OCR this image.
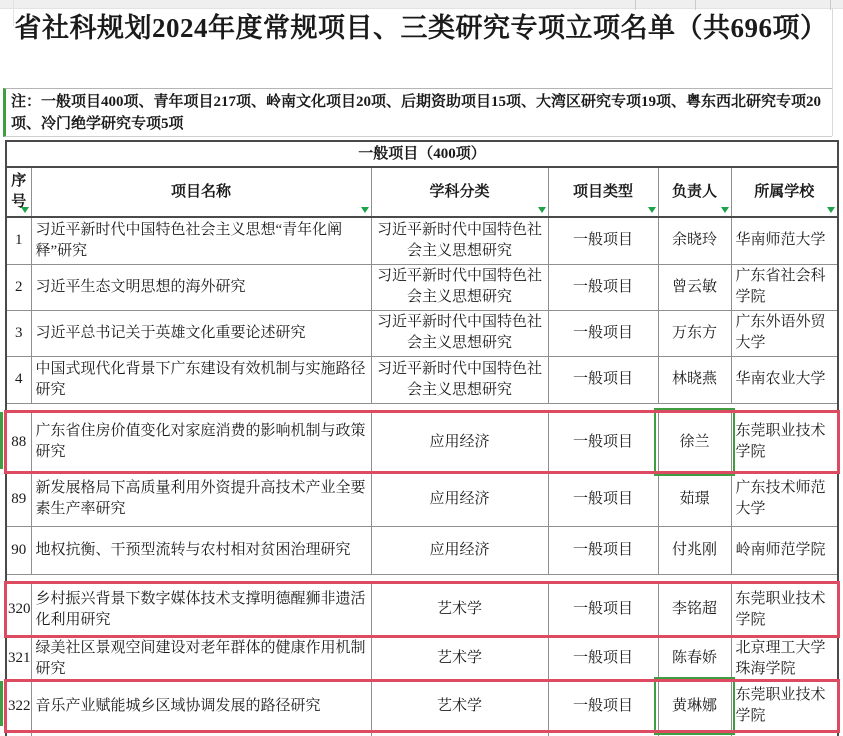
省社科规划2024年度常规项目、三类研究专项立项名单（共696项）
注：一般项目400项、青年项目217项、岭南文化项目20项、后期资助项目15项、大湾区研究专项19项、粤东西北研究专项20项、冷门绝学研究专项5项
一般项目（400项）					
序号	项目名称	学科分类	项目类型	负责人	所属学校

1	习近平新时代中国特色社会主义思想“青年化阐释”研究	习近平新时代中国特色社会主义思想研究	一般项目	余晓玲	华南师范大学
2	习近平生态文明思想的海外研究	习近平新时代中国特色社会主义思想研究	一般项目	曾云敏	广东省社会科学院
3	习近平总书记关于英雄文化重要论述研究	习近平新时代中国特色社会主义思想研究	一般项目	万东方	广东外语外贸大学
4	中国式现代化背景下广东建设有效机制与实施路径研究	习近平新时代中国特色社会主义思想研究	一般项目	林晓燕	华南农业大学

88	广东省住房价值变化对家庭消费的影响机制与政策研究	应用经济	一般项目	徐兰	东莞职业技术学院
89	新发展格局下高质量利用外资提升高技术产业全要素生产率研究	应用经济	一般项目	茹璟	广东技术师范大学
90	地权抗衡、干预型流转与农村相对贫困治理研究	应用经济	一般项目	付兆刚	岭南师范学院

320	乡村振兴背景下数字媒体技术支撑明德醒狮非遗活化利用研究	艺术学	一般项目	李铭超	东莞职业技术学院
321	绿美社区景观空间建设对老年群体的健康作用机制研究	艺术学	一般项目	陈春娇	北京理工大学珠海学院
322	音乐产业赋能城乡区域协调发展的路径研究	艺术学	一般项目	黄琳娜	东莞职业技术学院
